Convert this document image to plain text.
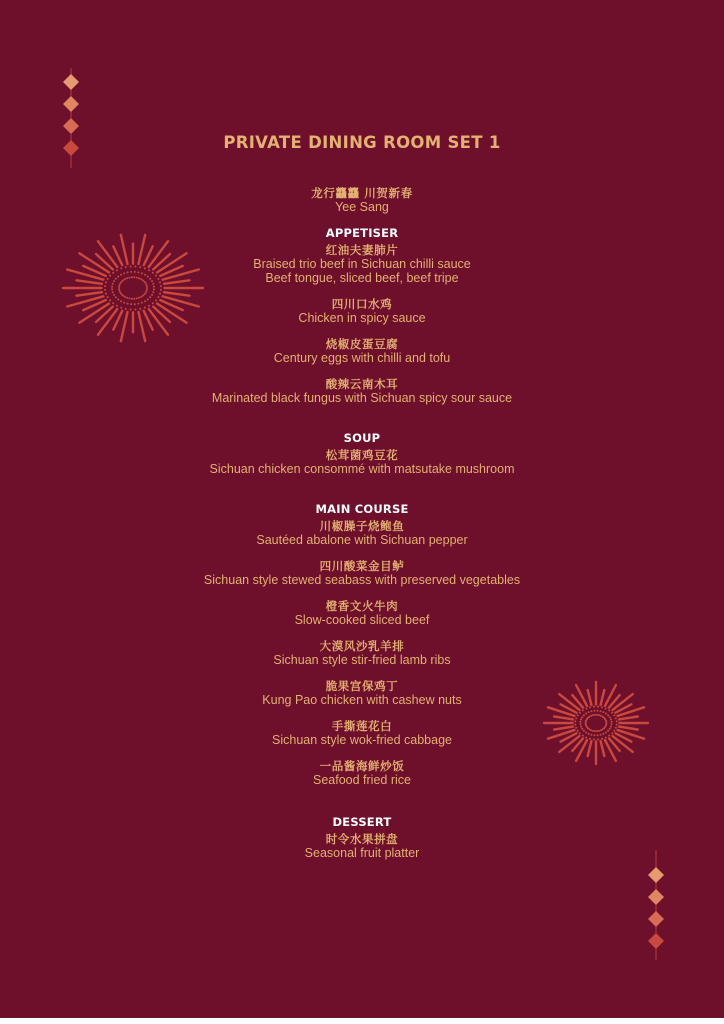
PRIVATE DINING ROOM SET 1
龙行龘龘 川贺新春
Yee Sang
APPETISER
红油夫妻肺片
Braised trio beef in Sichuan chilli sauce
Beef tongue, sliced beef, beef tripe
四川口水鸡
Chicken in spicy sauce
烧椒皮蛋豆腐
Century eggs with chilli and tofu
酸辣云南木耳
Marinated black fungus with Sichuan spicy sour sauce
SOUP
松茸菌鸡豆花
Sichuan chicken consommé with matsutake mushroom
MAIN COURSE
川椒臊子烧鲍鱼
Sautéed abalone with Sichuan pepper
四川酸菜金目鲈
Sichuan style stewed seabass with preserved vegetables
橙香文火牛肉
Slow-cooked sliced beef
大漠风沙乳羊排
Sichuan style stir-fried lamb ribs
脆果宫保鸡丁
Kung Pao chicken with cashew nuts
手撕莲花白
Sichuan style wok-fried cabbage
一品酱海鲜炒饭
Seafood fried rice
DESSERT
时令水果拼盘
Seasonal fruit platter
